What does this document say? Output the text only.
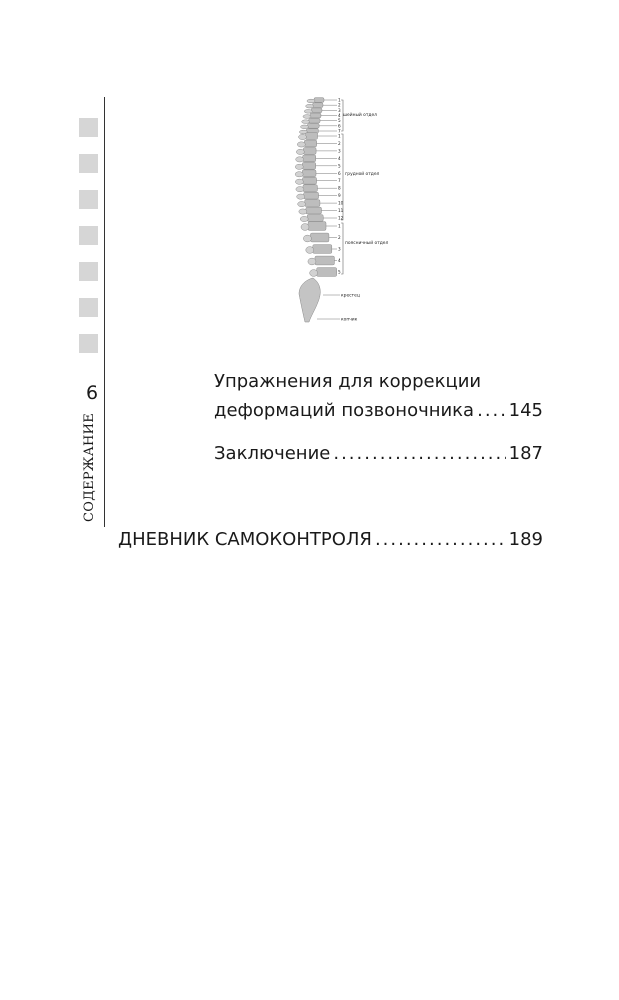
6
СОДЕРЖАНИЕ
1
2
3
4
5
6
7
1
2
3
4
5
6
7
8
9
10
11
12
1
2
3
4
5
шейный отдел
грудной отдел
поясничный отдел
крестец
копчик
Упражнения для коррекции
деформаций позвоночника ..... 145
Заключение .....	187
ДНЕВНИК САМОКОНТРОЛЯ .....	189
